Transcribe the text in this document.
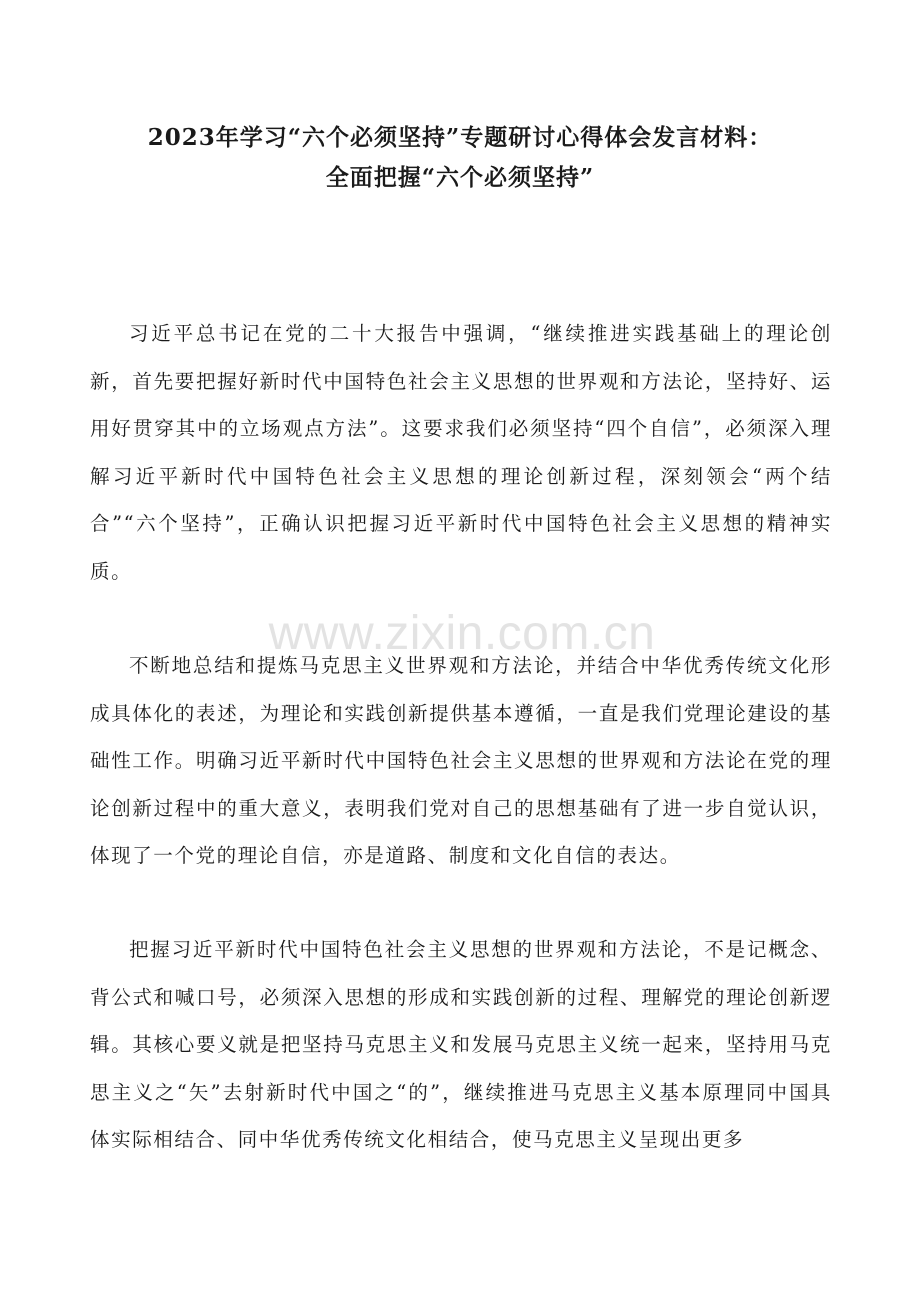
www.zixin.com.cn
2023年学习“六个必须坚持”专题研讨心得体会发言材料：
全面把握“六个必须坚持”

习近平总书记在党的二十大报告中强调，“继续推进实践基础上的理论创新，首先要把握好新时代中国特色社会主义思想的世界观和方法论，坚持好、运用好贯穿其中的立场观点方法”。这要求我们必须坚持“四个自信”，必须深入理解习近平新时代中国特色社会主义思想的理论创新过程，深刻领会“两个结合”“六个坚持”，正确认识把握习近平新时代中国特色社会主义思想的精神实质。

不断地总结和提炼马克思主义世界观和方法论，并结合中华优秀传统文化形成具体化的表述，为理论和实践创新提供基本遵循，一直是我们党理论建设的基础性工作。明确习近平新时代中国特色社会主义思想的世界观和方法论在党的理论创新过程中的重大意义，表明我们党对自己的思想基础有了进一步自觉认识，体现了一个党的理论自信，亦是道路、制度和文化自信的表达。

把握习近平新时代中国特色社会主义思想的世界观和方法论，不是记概念、背公式和喊口号，必须深入思想的形成和实践创新的过程、理解党的理论创新逻辑。其核心要义就是把坚持马克思主义和发展马克思主义统一起来，坚持用马克思主义之“矢”去射新时代中国之“的”，继续推进马克思主义基本原理同中国具体实际相结合、同中华优秀传统文化相结合，使马克思主义呈现出更多
